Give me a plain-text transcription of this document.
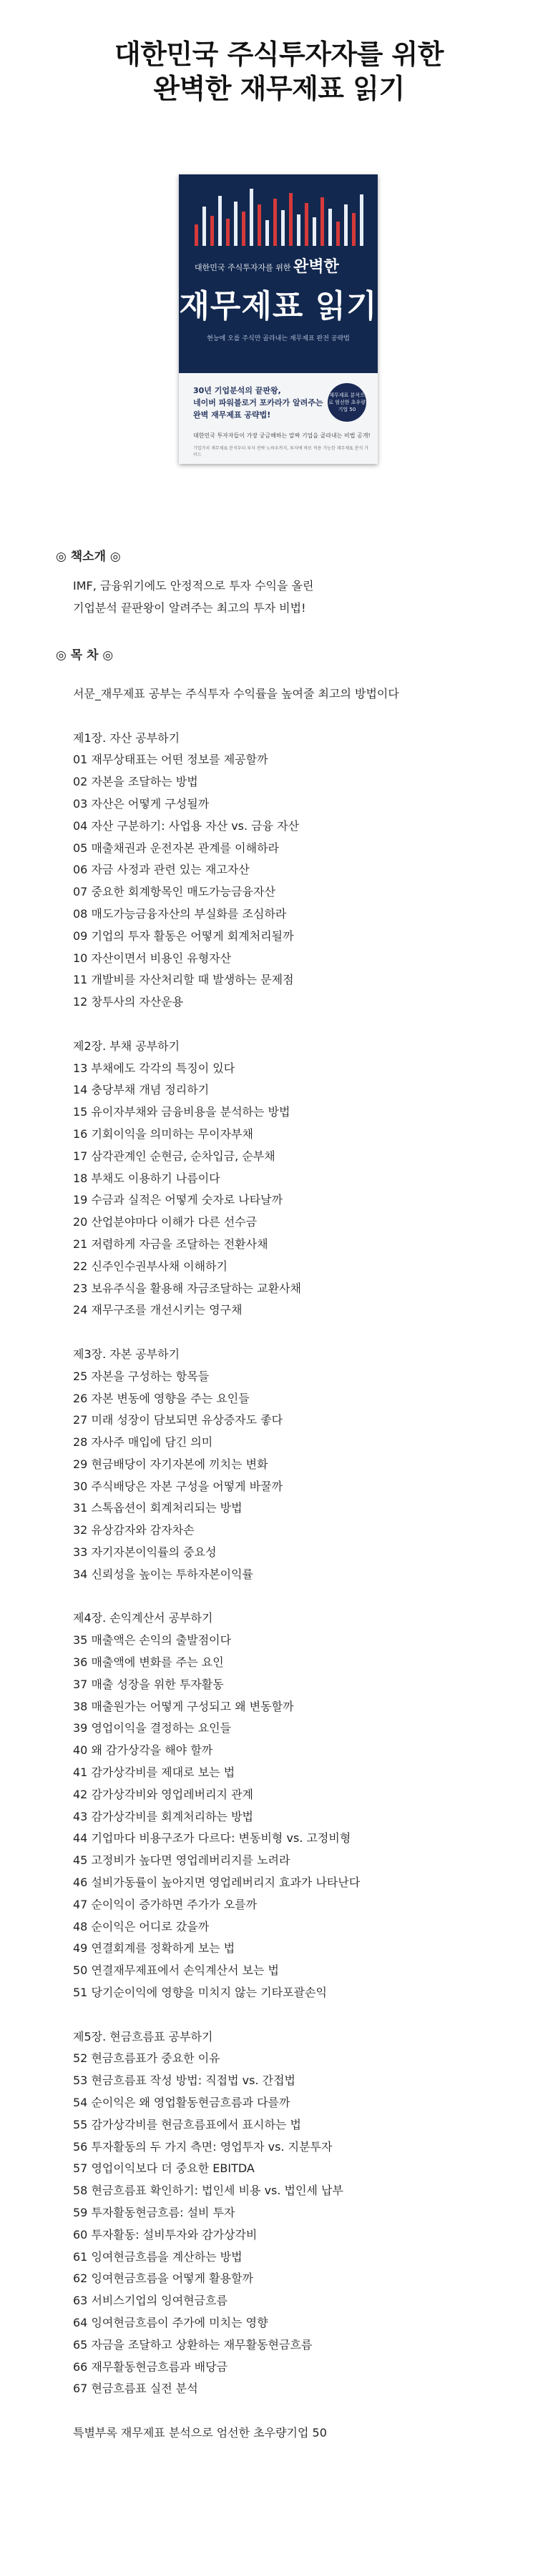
대한민국 주식투자자를 위한
완벽한 재무제표 읽기
대한민국 주식투자자를 위한 완벽한
재무제표 읽기
현능에 오를 주식만 골라내는 재무제표 완전 공략법
30년 기업분석의 끝판왕,
네이버 파워블로거 포카라가 알려주는
완벽 재무제표 공략법!
재무제표 분석으로 엄선한 초우량기업 50
대한민국 투자자들이 가장 궁금해하는 알짜 기업을 골라내는 비법 공개!
기업가치 재무제표 분석부터 투자 전략 노하우까지, 투자에 바로 적용 가능한 재무제표 분석 가이드
◎ 책소개 ◎
IMF, 금융위기에도 안정적으로 투자 수익을 올린
기업분석 끝판왕이 알려주는 최고의 투자 비법!
◎ 목 차 ◎
서문_재무제표 공부는 주식투자 수익률을 높여줄 최고의 방법이다
제1장. 자산 공부하기
01 재무상태표는 어떤 정보를 제공할까
02 자본을 조달하는 방법
03 자산은 어떻게 구성될까
04 자산 구분하기: 사업용 자산 vs. 금융 자산
05 매출채권과 운전자본 관계를 이해하라
06 자금 사정과 관련 있는 재고자산
07 중요한 회계항목인 매도가능금융자산
08 매도가능금융자산의 부실화를 조심하라
09 기업의 투자 활동은 어떻게 회계처리될까
10 자산이면서 비용인 유형자산
11 개발비를 자산처리할 때 발생하는 문제점
12 창투사의 자산운용
제2장. 부채 공부하기
13 부채에도 각각의 특징이 있다
14 충당부채 개념 정리하기
15 유이자부채와 금융비용을 분석하는 방법
16 기회이익을 의미하는 무이자부채
17 삼각관계인 순현금, 순차입금, 순부채
18 부채도 이용하기 나름이다
19 수금과 실적은 어떻게 숫자로 나타날까
20 산업분야마다 이해가 다른 선수금
21 저렴하게 자금을 조달하는 전환사채
22 신주인수권부사채 이해하기
23 보유주식을 활용해 자금조달하는 교환사채
24 재무구조를 개선시키는 영구채
제3장. 자본 공부하기
25 자본을 구성하는 항목들
26 자본 변동에 영향을 주는 요인들
27 미래 성장이 담보되면 유상증자도 좋다
28 자사주 매입에 담긴 의미
29 현금배당이 자기자본에 끼치는 변화
30 주식배당은 자본 구성을 어떻게 바꿀까
31 스톡옵션이 회계처리되는 방법
32 유상감자와 감자차손
33 자기자본이익률의 중요성
34 신뢰성을 높이는 투하자본이익률
제4장. 손익계산서 공부하기
35 매출액은 손익의 출발점이다
36 매출액에 변화를 주는 요인
37 매출 성장을 위한 투자활동
38 매출원가는 어떻게 구성되고 왜 변동할까
39 영업이익을 결정하는 요인들
40 왜 감가상각을 해야 할까
41 감가상각비를 제대로 보는 법
42 감가상각비와 영업레버리지 관계
43 감가상각비를 회계처리하는 방법
44 기업마다 비용구조가 다르다: 변동비형 vs. 고정비형
45 고정비가 높다면 영업레버리지를 노려라
46 설비가동률이 높아지면 영업레버리지 효과가 나타난다
47 순이익이 증가하면 주가가 오를까
48 순이익은 어디로 갔을까
49 연결회계를 정확하게 보는 법
50 연결재무제표에서 손익계산서 보는 법
51 당기순이익에 영향을 미치지 않는 기타포괄손익
제5장. 현금흐름표 공부하기
52 현금흐름표가 중요한 이유
53 현금흐름표 작성 방법: 직접법 vs. 간접법
54 순이익은 왜 영업활동현금흐름과 다를까
55 감가상각비를 현금흐름표에서 표시하는 법
56 투자활동의 두 가지 측면: 영업투자 vs. 지분투자
57 영업이익보다 더 중요한 EBITDA
58 현금흐름표 확인하기: 법인세 비용 vs. 법인세 납부
59 투자활동현금흐름: 설비 투자
60 투자활동: 설비투자와 감가상각비
61 잉여현금흐름을 계산하는 방법
62 잉여현금흐름을 어떻게 활용할까
63 서비스기업의 잉여현금흐름
64 잉여현금흐름이 주가에 미치는 영향
65 자금을 조달하고 상환하는 재무활동현금흐름
66 재무활동현금흐름과 배당금
67 현금흐름표 실전 분석
특별부록 재무제표 분석으로 엄선한 초우량기업 50
